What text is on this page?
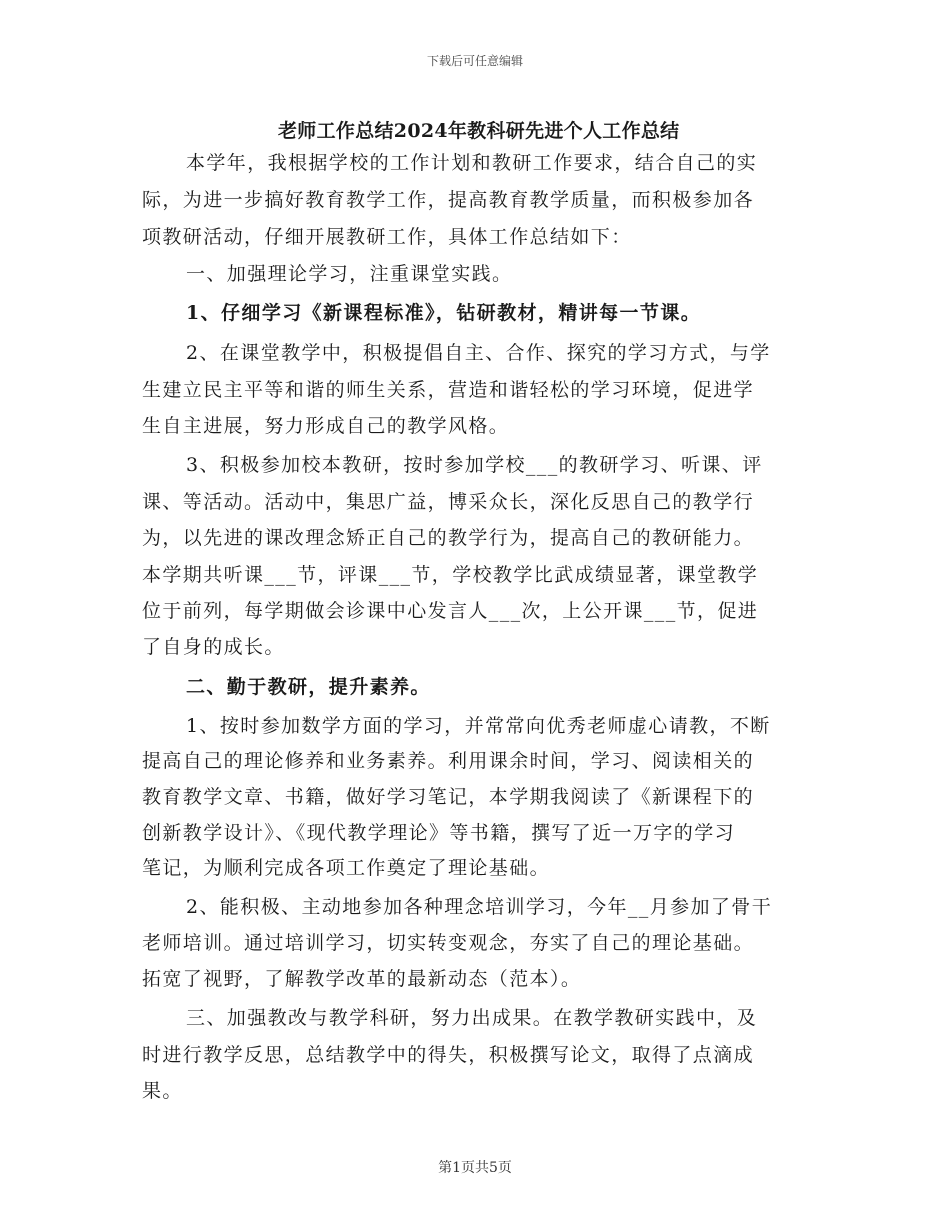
下载后可任意编辑
老师工作总结2024年教科研先进个人工作总结
本学年，我根据学校的工作计划和教研工作要求，结合自己的实
际，为进一步搞好教育教学工作，提高教育教学质量，而积极参加各
项教研活动，仔细开展教研工作，具体工作总结如下：
一、加强理论学习，注重课堂实践。
1、仔细学习《新课程标准》，钻研教材，精讲每一节课。
2、在课堂教学中，积极提倡自主、合作、探究的学习方式，与学
生建立民主平等和谐的师生关系，营造和谐轻松的学习环境，促进学
生自主进展，努力形成自己的教学风格。
3、积极参加校本教研，按时参加学校___的教研学习、听课、评
课、等活动。活动中，集思广益，博采众长，深化反思自己的教学行
为，以先进的课改理念矫正自己的教学行为，提高自己的教研能力。
本学期共听课___节，评课___节，学校教学比武成绩显著，课堂教学
位于前列，每学期做会诊课中心发言人___次，上公开课___节，促进
了自身的成长。
二、勤于教研，提升素养。
1、按时参加数学方面的学习，并常常向优秀老师虚心请教，不断
提高自己的理论修养和业务素养。利用课余时间，学习、阅读相关的
教育教学文章、书籍，做好学习笔记，本学期我阅读了《新课程下的
创新教学设计》、《现代教学理论》等书籍，撰写了近一万字的学习
笔记，为顺利完成各项工作奠定了理论基础。
2、能积极、主动地参加各种理念培训学习，今年__月参加了骨干
老师培训。通过培训学习，切实转变观念，夯实了自己的理论基础。
拓宽了视野，了解教学改革的最新动态（范本）。
三、加强教改与教学科研，努力出成果。在教学教研实践中，及
时进行教学反思，总结教学中的得失，积极撰写论文，取得了点滴成
果。
第1页共5页
